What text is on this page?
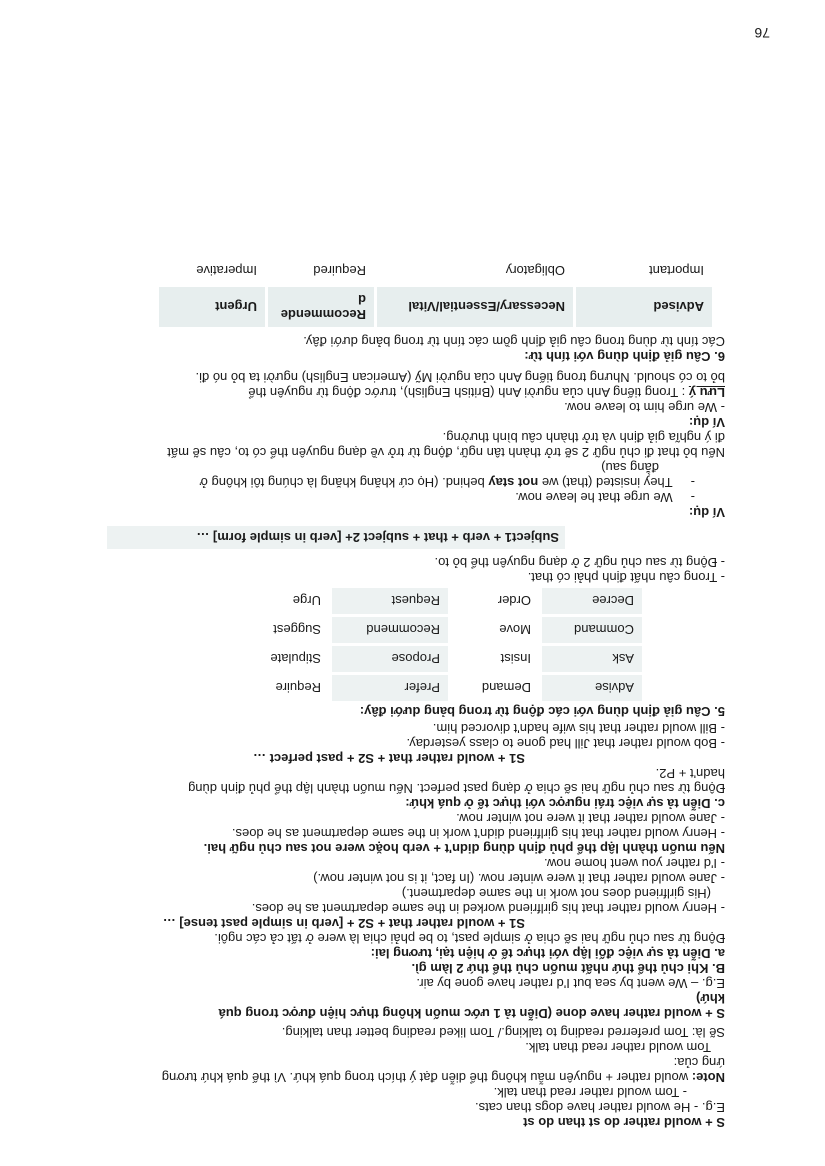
S + would rather do st than do st

E.g. - He would rather have dogs than cats.

- Tom would rather read than talk.

Note: would rather + nguyên mẫu không thể diễn đạt ý thích trong quá khứ. Vì thế quá khứ tương

ứng của:

Tom would rather read than talk.

Sẽ là: Tom preferred reading to talking./ Tom liked reading better than talking.

S + would rather have done (Diễn tả 1 ước muốn không thực hiện được trong quá

khứ)

E.g. – We went by sea but I'd rather have gone by air.

B. Khi chủ thể thứ nhất muốn chủ thể thứ 2 làm gì.

a. Diễn tả sự việc đối lập với thực tế ở hiện tại, tương lai:

Động từ sau chủ ngữ hai sẽ chia ở simple past, to be phải chia là were ở tất cả các ngôi.

S1 + would rather that + S2 + [verb in simple past tense] …

- Henry would rather that his girlfriend worked in the same department as he does.

(His girlfriend does not work in the same department.)

- Jane would rather that it were winter now. (In fact, it is not winter now.)

- I'd rather you went home now.

Nếu muốn thành lập thể phủ định dùng didn't + verb hoặc were not sau chủ ngữ hai.

- Henry would rather that his girlfriend didn't work in the same department as he does.

- Jane would rather that it were not winter now.

c. Diễn tả sự việc trái ngược với thực tế ở quá khứ:

Động từ sau chủ ngữ hai sẽ chia ở dạng past perfect. Nếu muốn thành lập thể phủ định dùng

hadn't + P2.

S1 + would rather that + S2 + past perfect …

- Bob would rather that Jill had gone to class yesterday.

- Bill would rather that his wife hadn't divorced him.

5. Câu giả định dùng với các động từ trong bảng dưới đây:

Advise	Demand	Prefer	Require
Ask	Insist	Propose	Stipulate
Command	Move	Recommend	Suggest
Decree	Order	Request	Urge

- Trong câu nhất định phải có that.

- Động từ sau chủ ngữ 2 ở dạng nguyên thể bỏ to.

Subject1 + verb + that + subject 2+ [verb in simple form] …

Ví dụ:

-     We urge that he leave now.

-     They insisted (that) we not stay behind. (Họ cứ khăng khăng là chúng tôi không ở

đằng sau)

Nếu bỏ that đi chủ ngữ 2 sẽ trở thành tân ngữ, động từ trở về dạng nguyên thể có to, câu sẽ mất

đi ý nghĩa giả định và trở thành câu bình thường.

Ví dụ:

- We urge him to leave now.

Lưu ý : Trong tiếng Anh của người Anh (British English), trước động từ nguyên thể

bỏ to có should. Nhưng trong tiếng Anh của người Mỹ (American English) người ta bỏ nó đi.

6. Câu giả định dùng với tính từ:

Các tính từ dùng trong câu giả định gồm các tính từ trong bảng dưới đây.

Advised	Necessary/Essential/Vital	Recommende d	Urgent
Important	Obligatory	Required	Imperative
76
